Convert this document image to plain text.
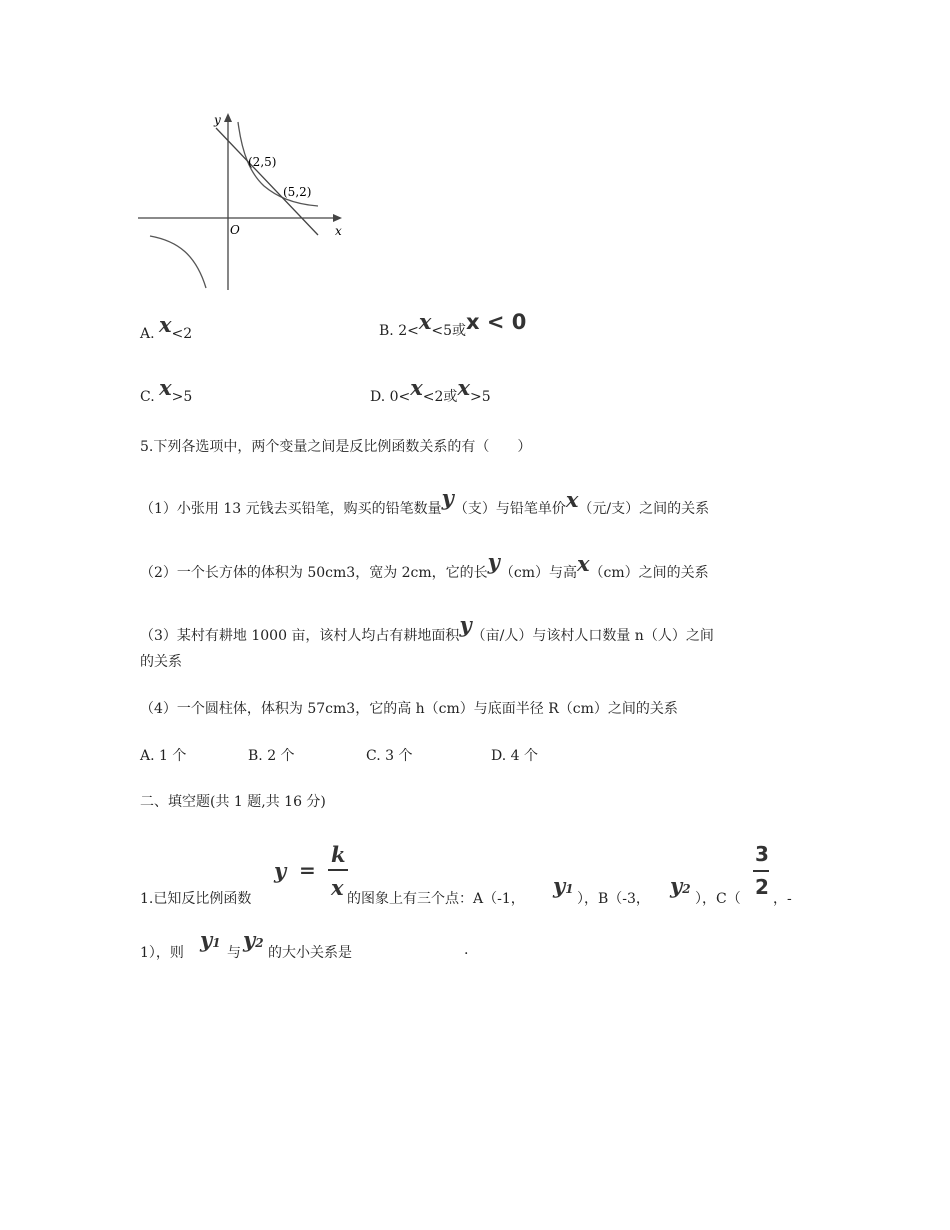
y
x
O
(2,5)
(5,2)
A. x<2	B. 2<x<5或x < 0
C. x>5	D. 0<x<2或x>5
5.下列各选项中，两个变量之间是反比例函数关系的有（　　）
（1）小张用 13 元钱去买铅笔，购买的铅笔数量y（支）与铅笔单价x（元/支）之间的关系
（2）一个长方体的体积为 50cm3，宽为 2cm，它的长y（cm）与高x（cm）之间的关系
（3）某村有耕地 1000 亩，该村人均占有耕地面积y（亩/人）与该村人口数量 n（人）之间
的关系
（4）一个圆柱体，体积为 57cm3，它的高 h（cm）与底面半径 R（cm）之间的关系
A. 1 个	B. 2 个	C. 3 个	D. 4 个
二、填空题(共 1 题,共 16 分)
1.已知反比例函数
y =
k
x 的图象上有三个点：A（-1，
y1
），B（-3，
y2
），C（
3
2 ，-
1），则
y1
与
y2
的大小关系是	.
